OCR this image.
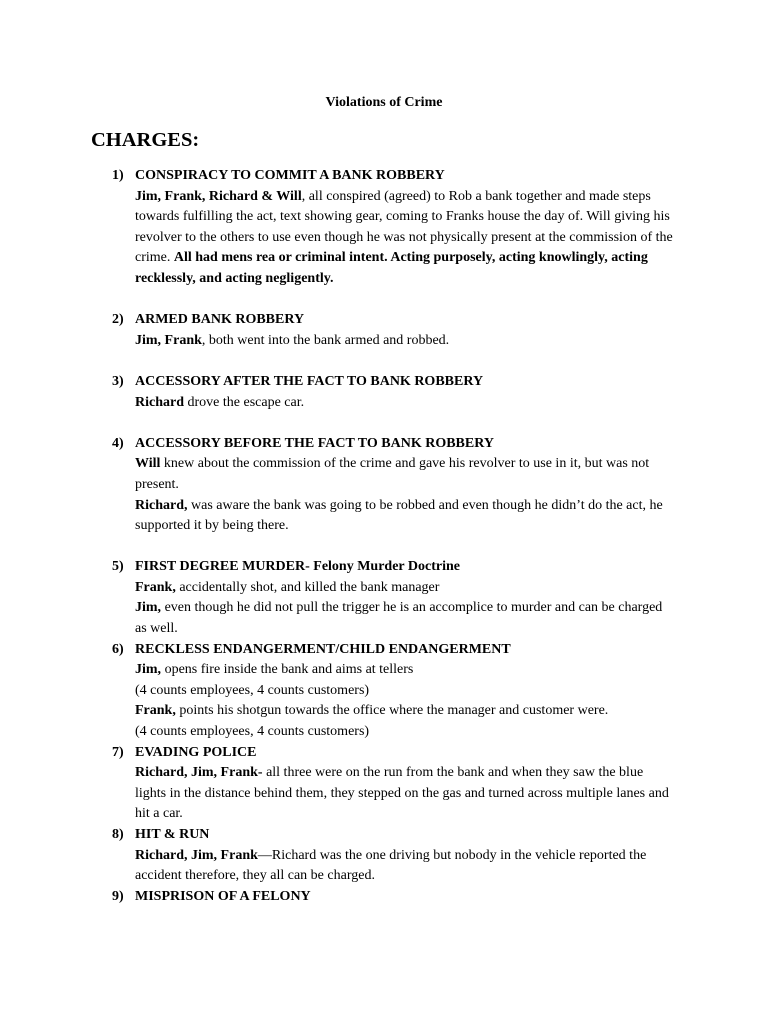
Violations of Crime
CHARGES:
1) CONSPIRACY TO COMMIT A BANK ROBBERY

Jim, Frank, Richard & Will, all conspired (agreed) to Rob a bank together and made steps towards fulfilling the act, text showing gear, coming to Franks house the day of. Will giving his revolver to the others to use even though he was not physically present at the commission of the crime. All had mens rea or criminal intent. Acting purposely, acting knowlingly, acting recklessly, and acting negligently.

2) ARMED BANK ROBBERY

Jim, Frank, both went into the bank armed and robbed.

3) ACCESSORY AFTER THE FACT TO BANK ROBBERY

Richard drove the escape car.

4) ACCESSORY BEFORE THE FACT TO BANK ROBBERY

Will knew about the commission of the crime and gave his revolver to use in it, but was not present.

Richard, was aware the bank was going to be robbed and even though he didn’t do the act, he supported it by being there.

5) FIRST DEGREE MURDER- Felony Murder Doctrine

Frank, accidentally shot, and killed the bank manager

Jim, even though he did not pull the trigger he is an accomplice to murder and can be charged as well.

6) RECKLESS ENDANGERMENT/CHILD ENDANGERMENT

Jim, opens fire inside the bank and aims at tellers

(4 counts employees, 4 counts customers)

Frank, points his shotgun towards the office where the manager and customer were.

(4 counts employees, 4 counts customers)

7) EVADING POLICE

Richard, Jim, Frank- all three were on the run from the bank and when they saw the blue lights in the distance behind them, they stepped on the gas and turned across multiple lanes and hit a car.

8) HIT & RUN

Richard, Jim, Frank—Richard was the one driving but nobody in the vehicle reported the accident therefore, they all can be charged.

9) MISPRISON OF A FELONY
